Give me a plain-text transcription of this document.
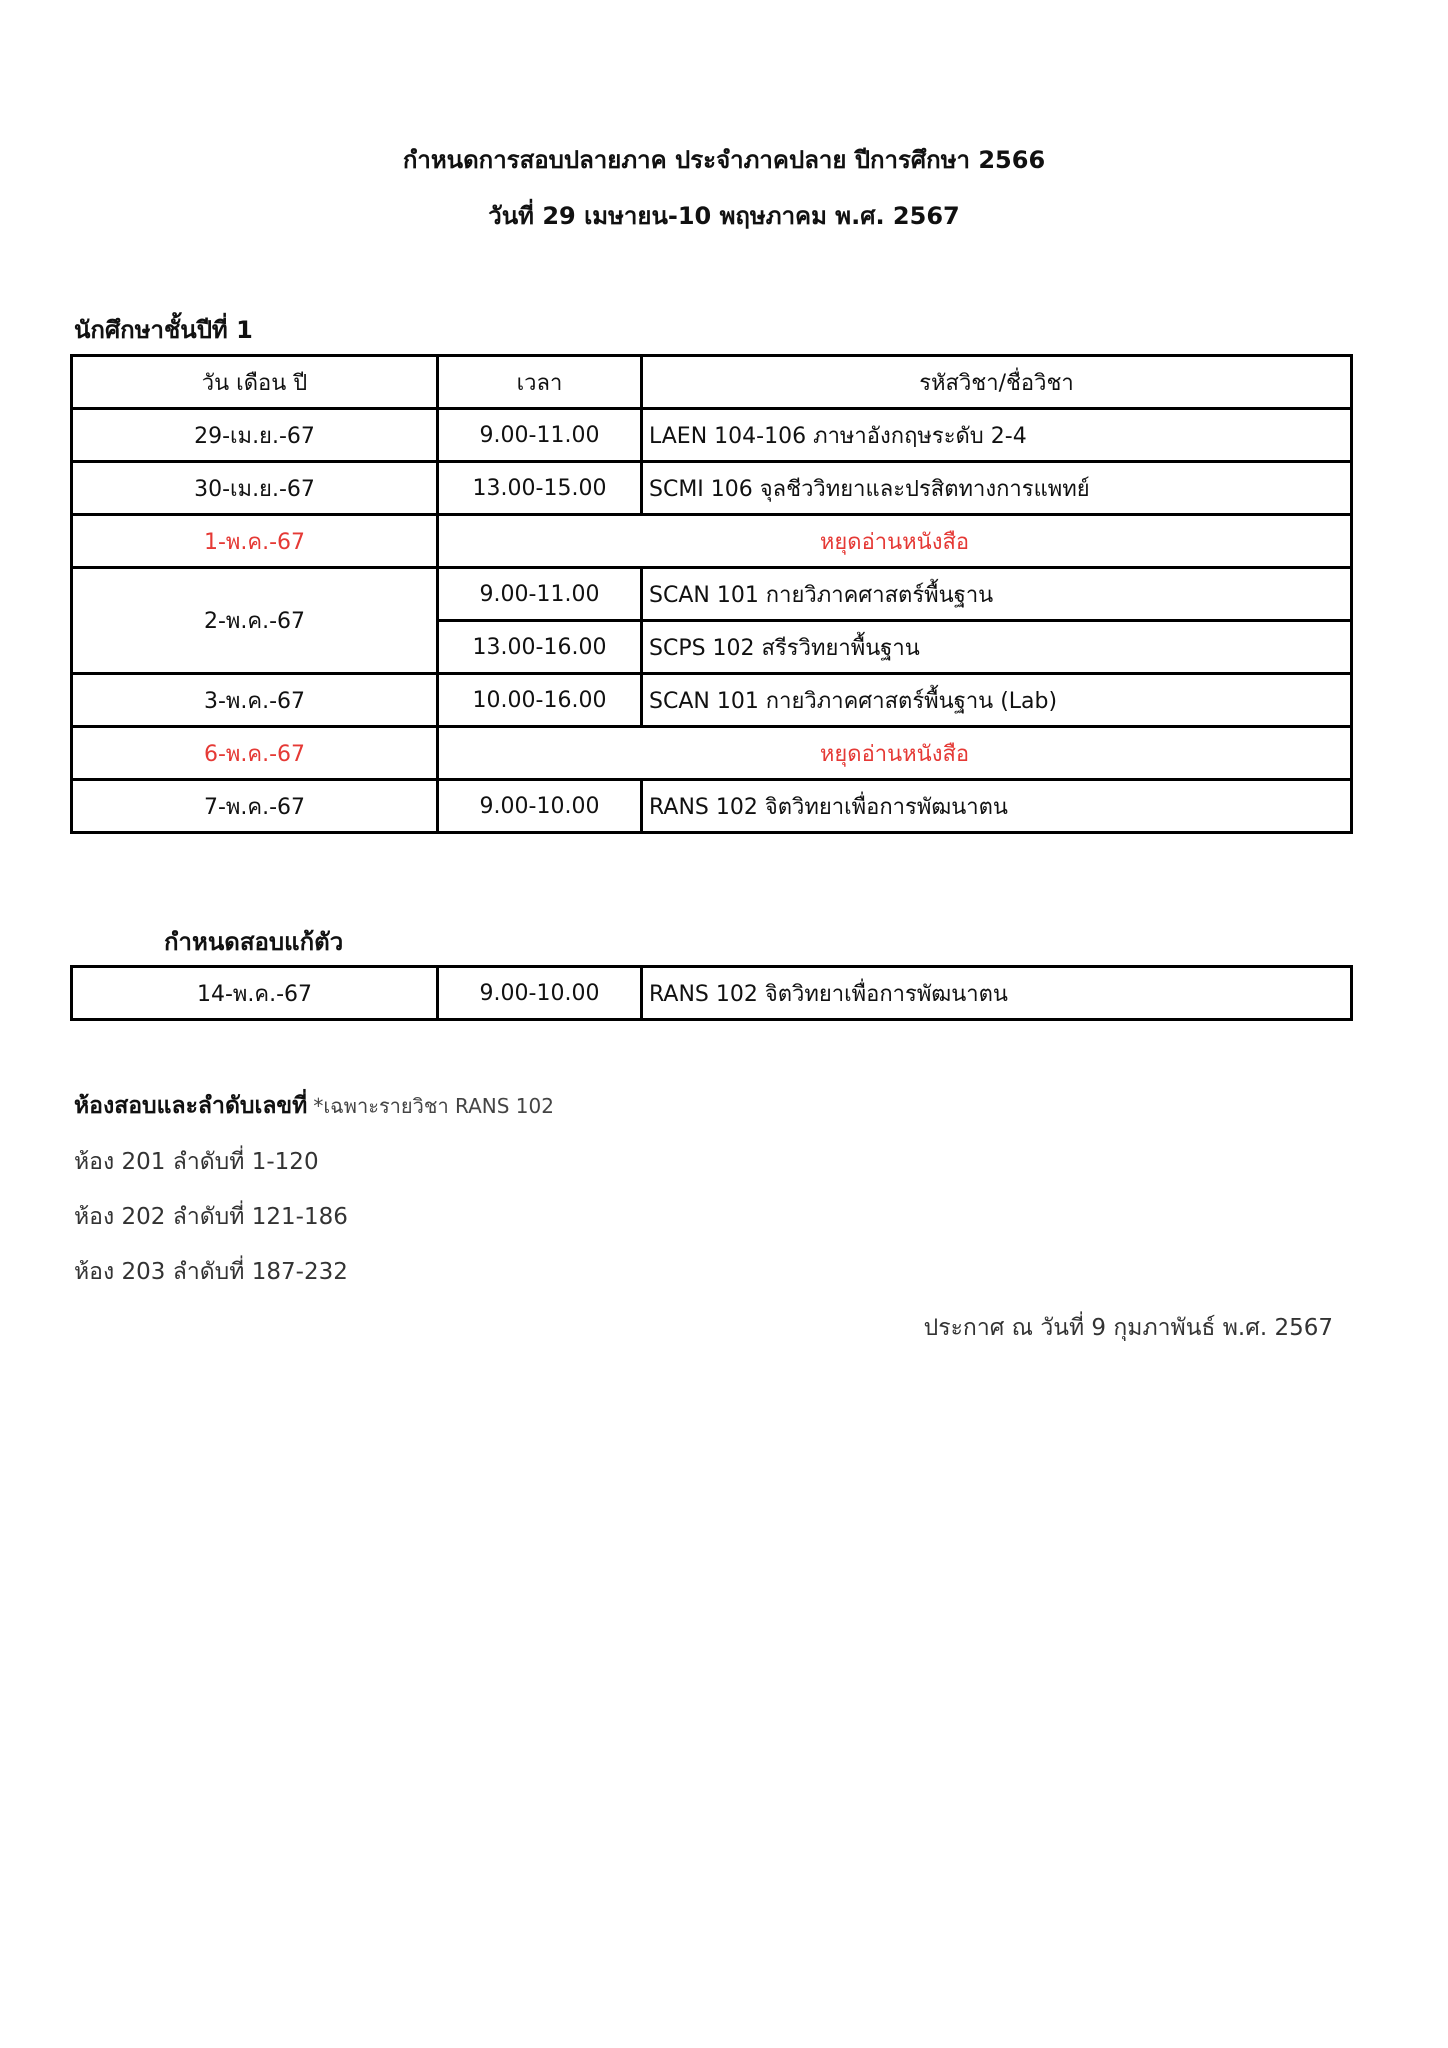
กำหนดการสอบปลายภาค ประจำภาคปลาย ปีการศึกษา 2566
วันที่ 29 เมษายน-10 พฤษภาคม พ.ศ. 2567
นักศึกษาชั้นปีที่ 1
วัน เดือน ปี	เวลา	รหัสวิชา/ชื่อวิชา
29-เม.ย.-67	9.00-11.00	LAEN 104-106 ภาษาอังกฤษระดับ 2-4
30-เม.ย.-67	13.00-15.00	SCMI 106 จุลชีววิทยาและปรสิตทางการแพทย์
1-พ.ค.-67	หยุดอ่านหนังสือ	
2-พ.ค.-67	9.00-11.00	SCAN 101 กายวิภาคศาสตร์พื้นฐาน
	13.00-16.00	SCPS 102 สรีรวิทยาพื้นฐาน
3-พ.ค.-67	10.00-16.00	SCAN 101 กายวิภาคศาสตร์พื้นฐาน (Lab)
6-พ.ค.-67	หยุดอ่านหนังสือ	
7-พ.ค.-67	9.00-10.00	RANS 102 จิตวิทยาเพื่อการพัฒนาตน
กำหนดสอบแก้ตัว
14-พ.ค.-67	9.00-10.00	RANS 102 จิตวิทยาเพื่อการพัฒนาตน
ห้องสอบและลำดับเลขที่ *เฉพาะรายวิชา RANS 102
ห้อง 201 ลำดับที่ 1-120
ห้อง 202 ลำดับที่ 121-186
ห้อง 203 ลำดับที่ 187-232
ประกาศ ณ วันที่ 9 กุมภาพันธ์ พ.ศ. 2567
